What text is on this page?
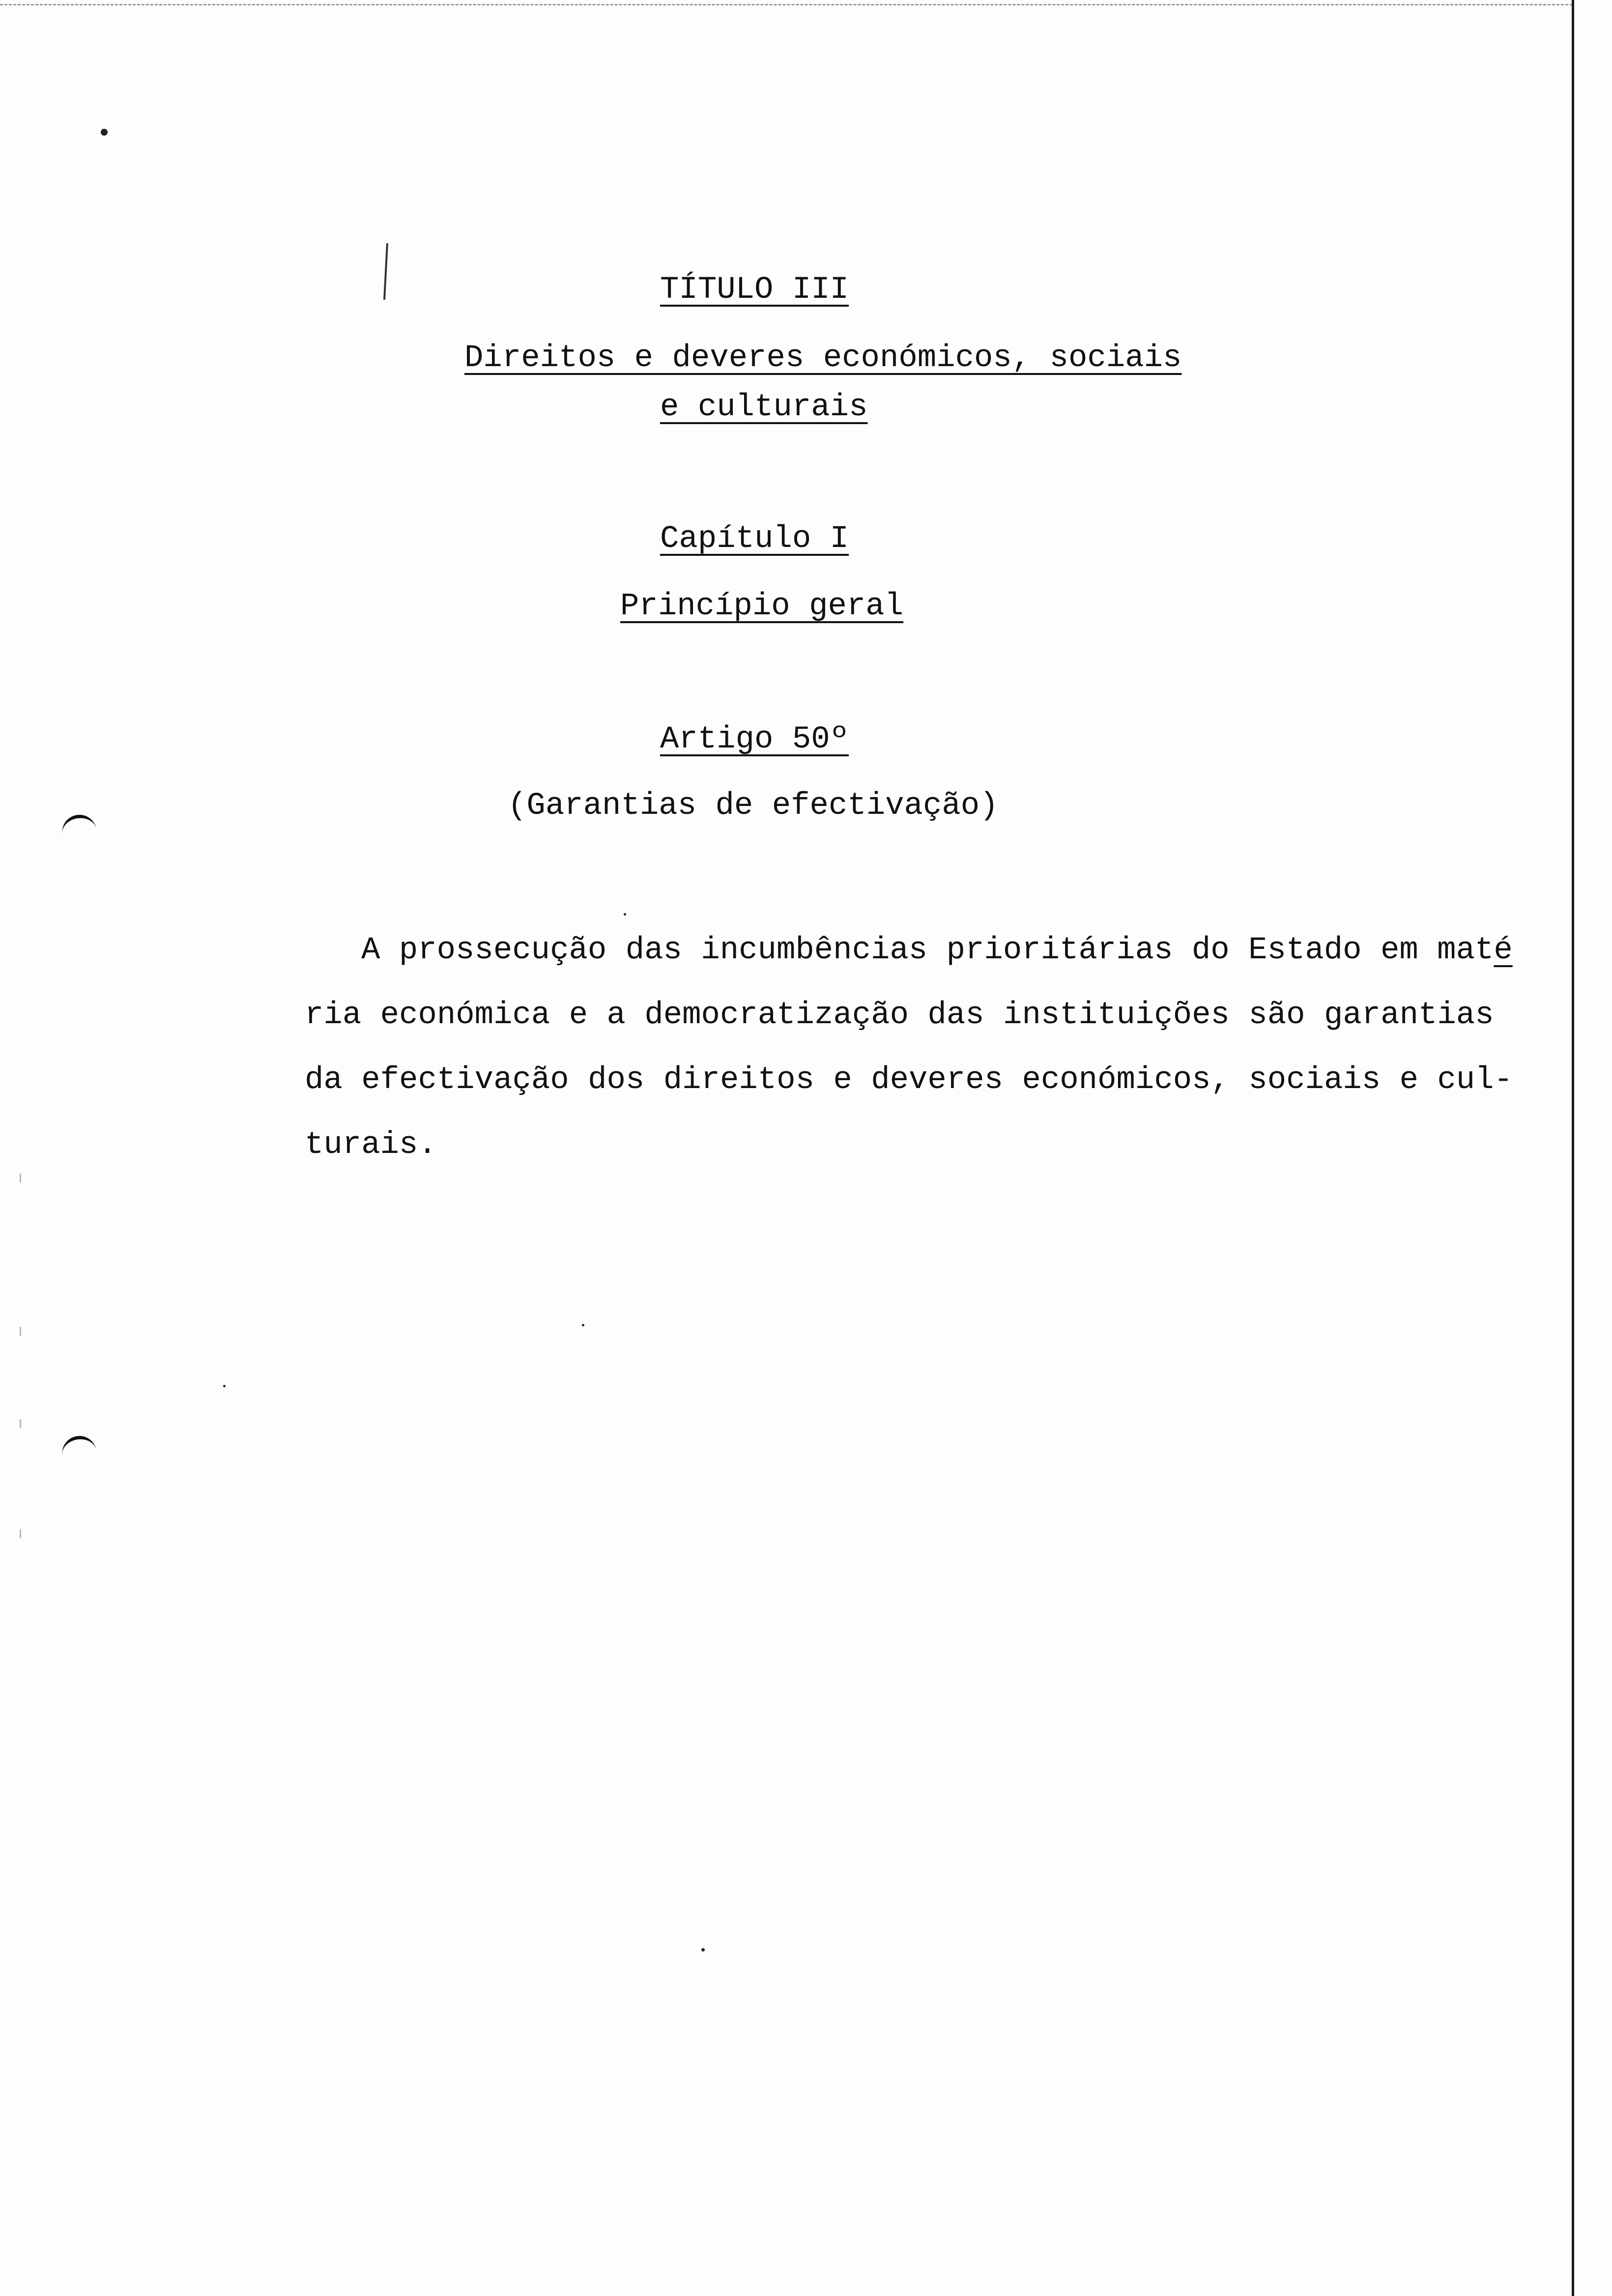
TÍTULO III
Direitos e deveres económicos, sociais
e culturais
Capítulo I
Princípio geral
Artigo 50º
(Garantias de efectivação)
A prossecução das incumbências prioritárias do Estado em maté
ria económica e a democratização das instituições são garantias
da efectivação dos direitos e deveres económicos, sociais e cul-
turais.
